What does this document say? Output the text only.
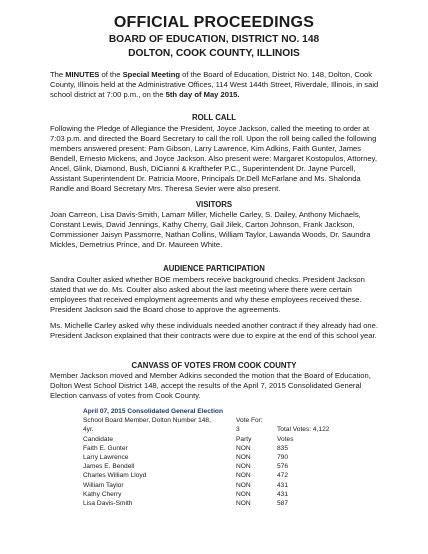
OFFICIAL PROCEEDINGS
BOARD OF EDUCATION, DISTRICT NO. 148
DOLTON, COOK COUNTY, ILLINOIS

The MINUTES of the Special Meeting of the Board of Education, District No. 148, Dolton, Cook County, Illinois held at the Administrative Offices, 114 West 144th Street, Riverdale, Illinois, in said school district at 7:00 p.m., on the 5th day of May 2015.

ROLL CALL

Following the Pledge of Allegiance the President, Joyce Jackson, called the meeting to order at 7:03 p.m. and directed the Board Secretary to call the roll. Upon the roll being called the following members answered present: Pam Gibson, Larry Lawrence, Kim Adkins, Faith Gunter, James Bendell, Ernesto Mickens, and Joyce Jackson. Also present were: Margaret Kostopulos, Attorney, Ancel, Glink, Diamond, Bush, DiCianni & Krafthefer P.C., Superintendent Dr. Jayne Purcell, Assistant Superintendent Dr. Patricia Moore, Principals Dr.Dell McFarlane and Ms. Shalonda Randle and Board Secretary Mrs. Theresa Sevier were also present.

VISITORS

Joan Carreon, Lisa Davis-Smith, Lamarr Miller, Michelle Carley, S. Dailey, Anthony Michaels, Constant Lewis, David Jennings, Kathy Cherry, Gail Jilek, Carton Johnson, Frank Jackson, Commissioner Jaisyn Passmorre, Nathan Collins, William Taylor, Lawanda Woods, Dr. Saundra Mickles, Demetrius Prince, and Dr. Maureen White.

AUDIENCE PARTICIPATION

Sandra Coulter asked whether BOE members receive background checks. President Jackson stated that we do. Ms. Coulter also asked about the last meeting where there were certain employees that received employment agreements and why these employees received these. President Jackson said the Board chose to approve the agreements.

Ms. Michelle Carley asked why these individuals needed another contract if they already had one. President Jackson explained that their contracts were due to expire at the end of this school year.

CANVASS OF VOTES FROM COOK COUNTY

Member Jackson moved and Member Adkins seconded the motion that the Board of Education, Dolton West School District 148, accept the results of the April 7, 2015 Consolidated General Election canvass of votes from Cook County.

April 07, 2015 Consolidated General Election
School Board Member, Dolton Number 148,	Vote For:
4yr.	3	Total Votes: 4,122
Candidate	Party	Votes
Faith E. Gunter	NON	835
Larry Lawrence	NON	790
James E. Bendell	NON	576
Charles William Lloyd	NON	472
William Taylor	NON	431
Kathy Cherry	NON	431
Lisa Davis-Smith	NON	587
